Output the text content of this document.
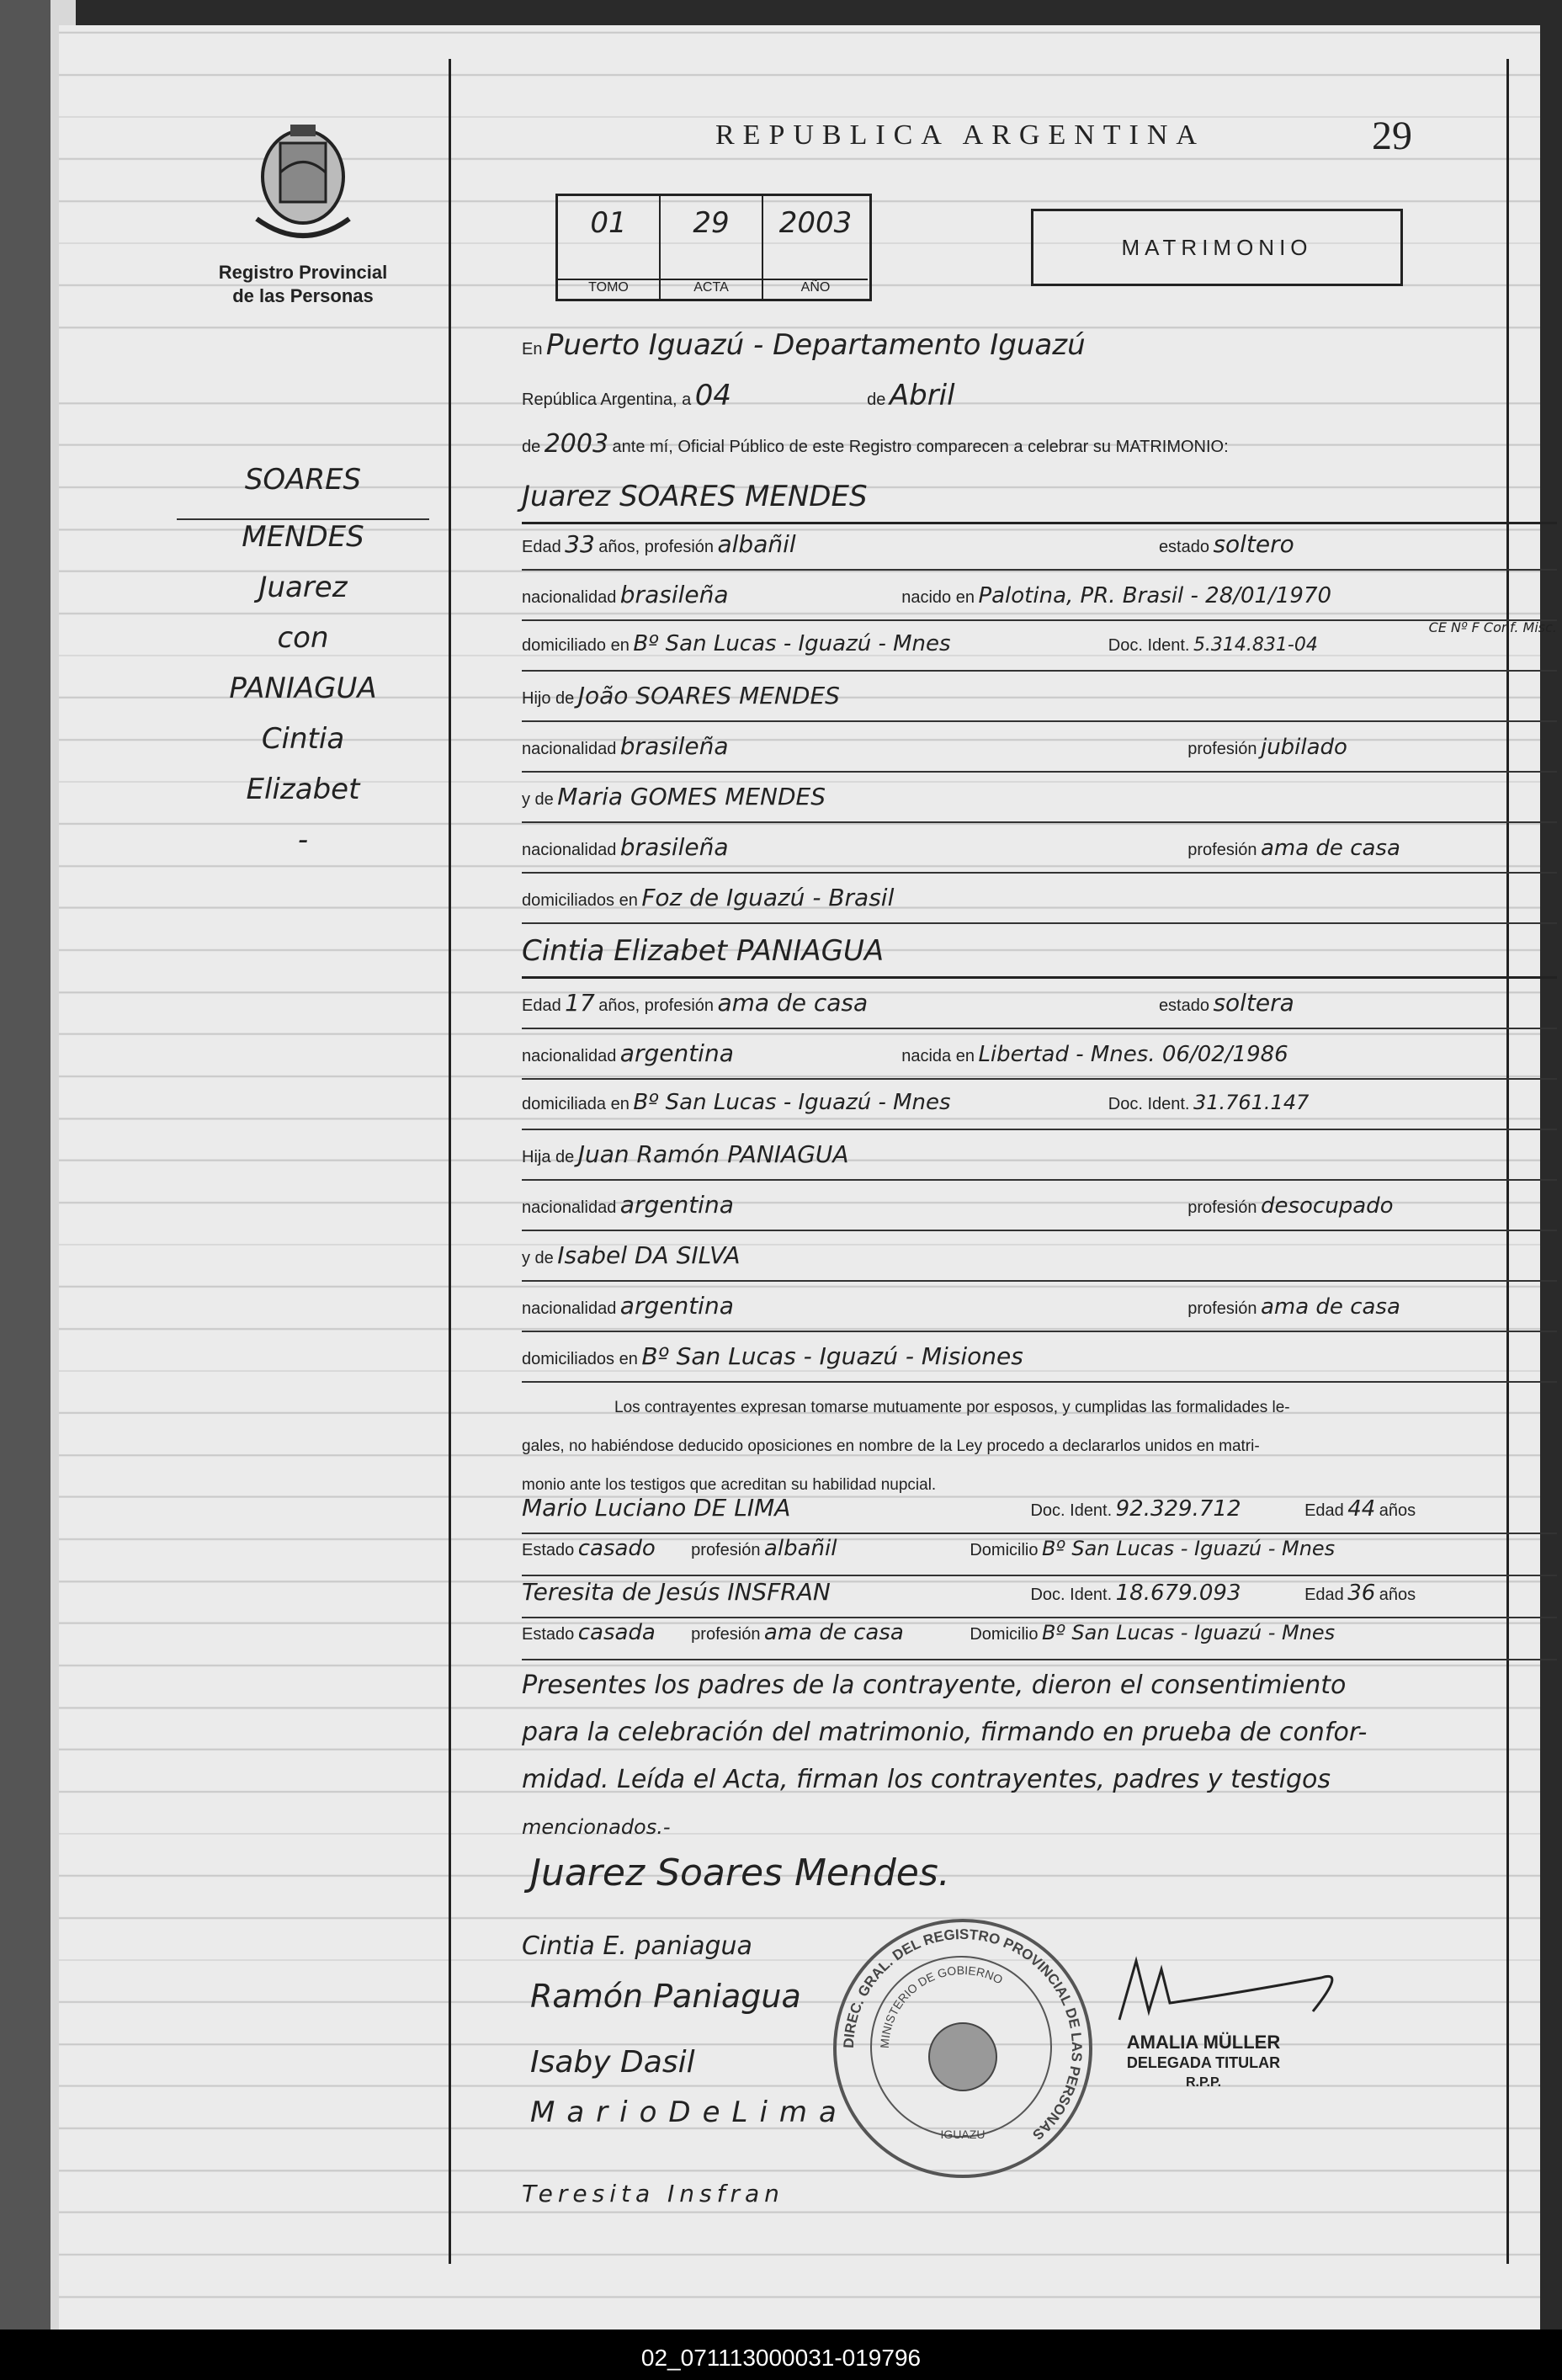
Registro Provincial
de las Personas
REPUBLICA ARGENTINA	29
01
TOMO
29
ACTA
2003
AÑO
MATRIMONIO
SOARES
MENDES
Juarez
con
PANIAGUA
Cintia
Elizabet
-
En Puerto Iguazú - Departamento Iguazú
República Argentina, a 04	de Abril
de 2003 ante mí, Oficial Público de este Registro comparecen a celebrar su MATRIMONIO:
Juarez SOARES MENDES
Edad 33 años, profesión albañil	estado soltero
nacionalidad brasileña	nacido en Palotina, PR. Brasil - 28/01/1970
domiciliado en Bº San Lucas - Iguazú - Mnes	Doc. Ident. 5.314.831-04
CE Nº F Conf. Misc.
Hijo de João SOARES MENDES
nacionalidad brasileña	profesión jubilado
y de Maria GOMES MENDES
nacionalidad brasileña	profesión ama de casa
domiciliados en Foz de Iguazú - Brasil
Cintia Elizabet PANIAGUA
Edad 17 años, profesión ama de casa	estado soltera
nacionalidad argentina	nacida en Libertad - Mnes. 06/02/1986
domiciliada en Bº San Lucas - Iguazú - Mnes	Doc. Ident. 31.761.147
Hija de Juan Ramón PANIAGUA
nacionalidad argentina	profesión desocupado
y de Isabel DA SILVA
nacionalidad argentina	profesión ama de casa
domiciliados en Bº San Lucas - Iguazú - Misiones
Los contrayentes expresan tomarse mutuamente por esposos, y cumplidas las formalidades le-
gales, no habiéndose deducido oposiciones en nombre de la Ley procedo a declararlos unidos en matri-
monio ante los testigos que acreditan su habilidad nupcial.
Mario Luciano DE LIMA	Doc. Ident. 92.329.712	Edad 44 años
Estado casado profesión albañil	Domicilio Bº San Lucas - Iguazú - Mnes
Teresita de Jesús INSFRAN	Doc. Ident. 18.679.093	Edad 36 años
Estado casada profesión ama de casa	Domicilio Bº San Lucas - Iguazú - Mnes
Presentes los padres de la contrayente, dieron el consentimiento
para la celebración del matrimonio, firmando en prueba de confor-
midad. Leída el Acta, firman los contrayentes, padres y testigos
mencionados.-
Juarez Soares Mendes.
Cintia E. paniagua
Ramón Paniagua
Isaby Dasil
MarioDeLima
Teresita Insfran
DIREC. GRAL. DEL REGISTRO PROVINCIAL DE LAS PERSONAS
MINISTERIO DE GOBIERNO
IGUAZU
AMALIA MÜLLER
DELEGADA TITULAR
R.P.P.
02_071113000031-019796
